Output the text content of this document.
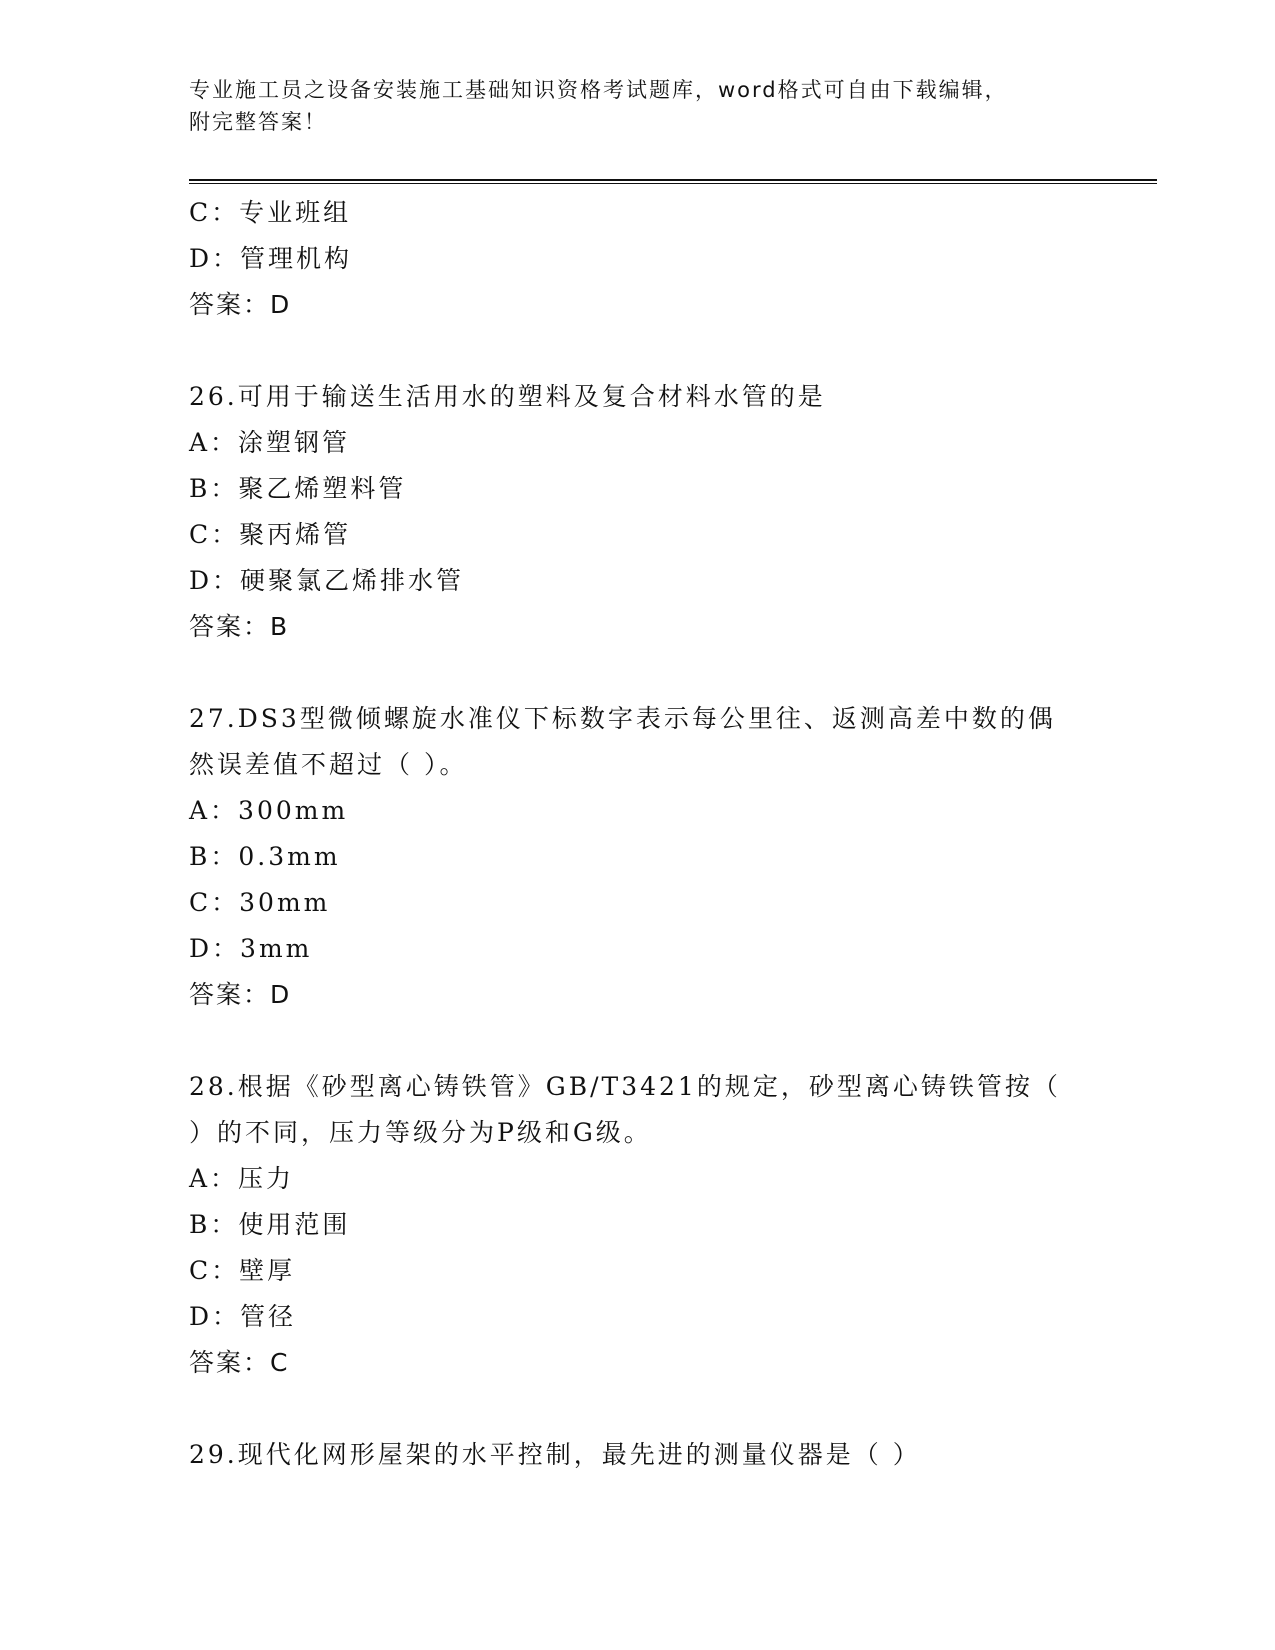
专业施工员之设备安装施工基础知识资格考试题库，word格式可自由下载编辑，
附完整答案！
C：专业班组
D：管理机构
答案：D
26.可用于输送生活用水的塑料及复合材料水管的是
A：涂塑钢管
B：聚乙烯塑料管
C：聚丙烯管
D：硬聚氯乙烯排水管
答案：B
27.DS3型微倾螺旋水准仪下标数字表示每公里往、返测高差中数的偶
然误差值不超过（ ）。
A：300mm
B：0.3mm
C：30mm
D：3mm
答案：D
28.根据《砂型离心铸铁管》GB/T3421的规定，砂型离心铸铁管按（
）的不同，压力等级分为P级和G级。
A：压力
B：使用范围
C：壁厚
D：管径
答案：C
29.现代化网形屋架的水平控制，最先进的测量仪器是（ ）
